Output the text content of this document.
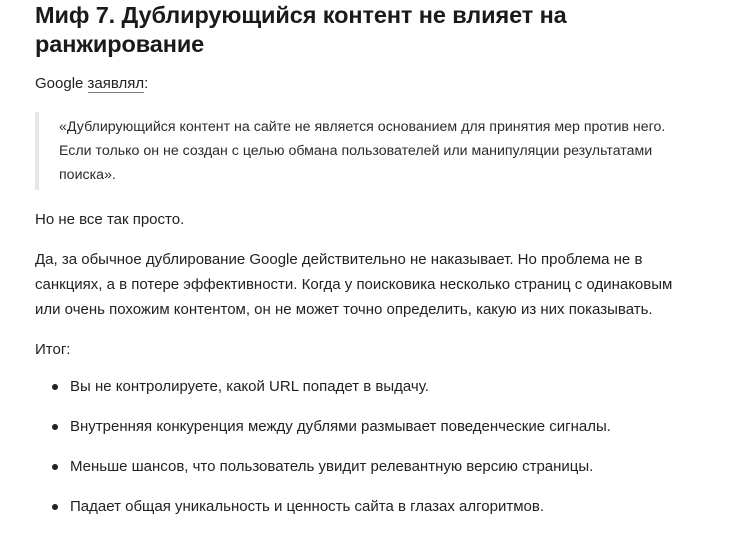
Миф 7. Дублирующийся контент не влияет на ранжирование

Google заявлял:

«Дублирующийся контент на сайте не является основанием для принятия мер против него. Если только он не создан с целью обмана пользователей или манипуляции результатами поиска».

Но не все так просто.

Да, за обычное дублирование Google действительно не наказывает. Но проблема не в санкциях, а в потере эффективности. Когда у поисковика несколько страниц с одинаковым или очень похожим контентом, он не может точно определить, какую из них показывать.

Итог:

Вы не контролируете, какой URL попадет в выдачу.
Внутренняя конкуренция между дублями размывает поведенческие сигналы.
Меньше шансов, что пользователь увидит релевантную версию страницы.
Падает общая уникальность и ценность сайта в глазах алгоритмов.
